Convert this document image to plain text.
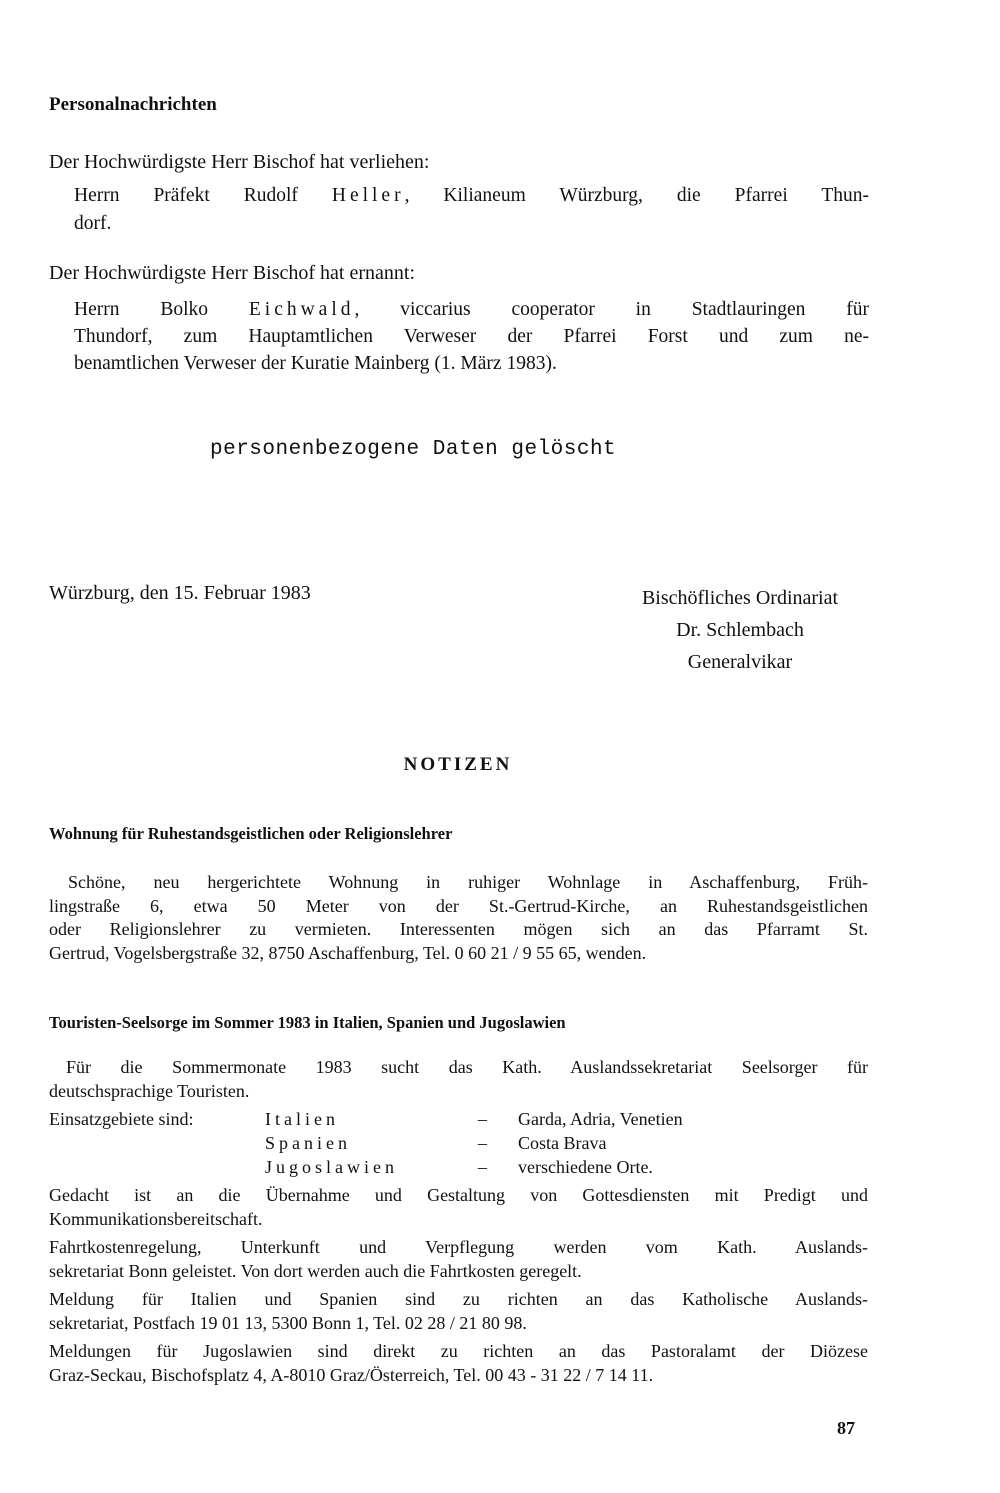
Personalnachrichten
Der Hochwürdigste Herr Bischof hat verliehen:
Herrn Präfekt Rudolf Heller, Kilianeum Würzburg, die Pfarrei Thun-
dorf.
Der Hochwürdigste Herr Bischof hat ernannt:
Herrn Bolko Eichwald, viccarius cooperator in Stadtlauringen für
Thundorf, zum Hauptamtlichen Verweser der Pfarrei Forst und zum ne-
benamtlichen Verweser der Kuratie Mainberg (1. März 1983).
personenbezogene Daten gelöscht
Würzburg, den 15. Februar 1983	Bischöfliches Ordinariat
Dr. Schlembach
Generalvikar
NOTIZEN
Wohnung für Ruhestandsgeistlichen oder Religionslehrer
Schöne, neu hergerichtete Wohnung in ruhiger Wohnlage in Aschaffenburg, Früh-
lingstraße 6, etwa 50 Meter von der St.-Gertrud-Kirche, an Ruhestandsgeistlichen
oder Religionslehrer zu vermieten. Interessenten mögen sich an das Pfarramt St.
Gertrud, Vogelsbergstraße 32, 8750 Aschaffenburg, Tel. 0 60 21 / 9 55 65, wenden.
Touristen-Seelsorge im Sommer 1983 in Italien, Spanien und Jugoslawien
Für die Sommermonate 1983 sucht das Kath. Auslandssekretariat Seelsorger für
deutschsprachige Touristen.
Einsatzgebiete sind:	Italien
Spanien
Jugoslawien
–
–
–
Garda, Adria, Venetien
Costa Brava
verschiedene Orte.
Gedacht ist an die Übernahme und Gestaltung von Gottesdiensten mit Predigt und
Kommunikationsbereitschaft.
Fahrtkostenregelung, Unterkunft und Verpflegung werden vom Kath. Auslands-
sekretariat Bonn geleistet. Von dort werden auch die Fahrtkosten geregelt.
Meldung für Italien und Spanien sind zu richten an das Katholische Auslands-
sekretariat, Postfach 19 01 13, 5300 Bonn 1, Tel. 02 28 / 21 80 98.
Meldungen für Jugoslawien sind direkt zu richten an das Pastoralamt der Diözese
Graz-Seckau, Bischofsplatz 4, A-8010 Graz/Österreich, Tel. 00 43 - 31 22 / 7 14 11.
87
